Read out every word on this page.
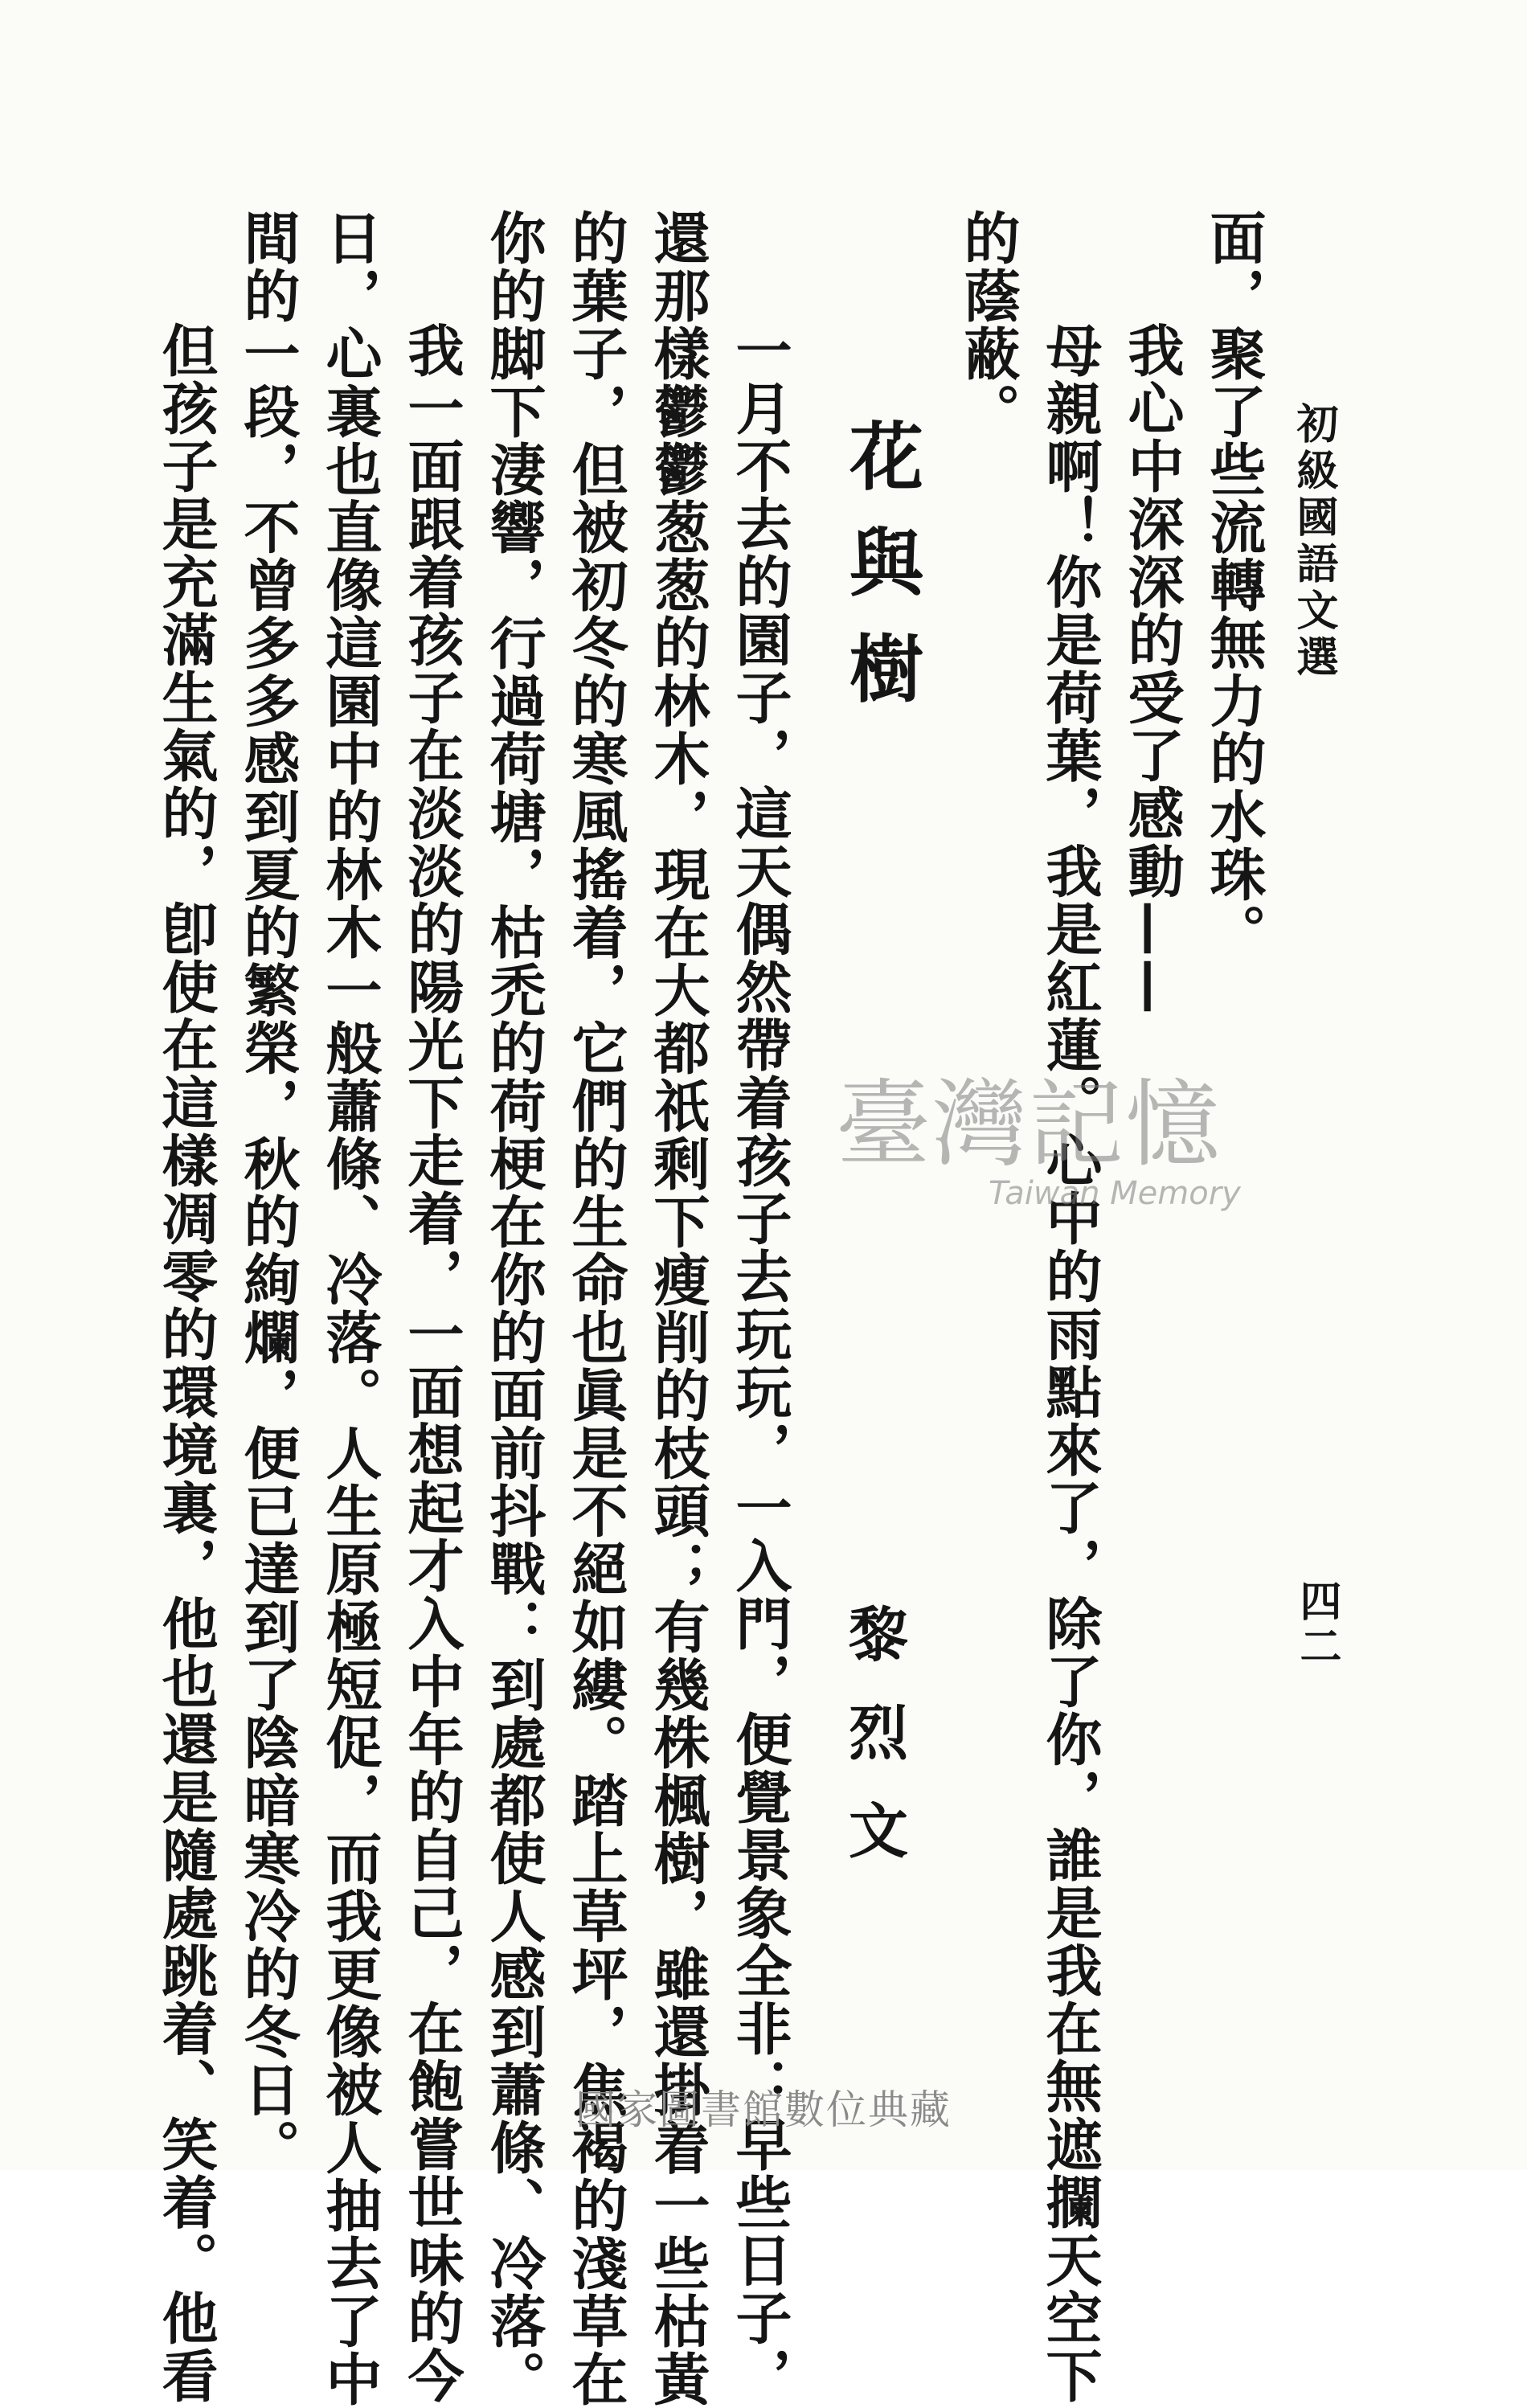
初級國語文選
四二
面，聚了些流轉無力的水珠。
我心中深深的受了感動——
母親啊！你是荷葉，我是紅蓮。心中的雨點來了，除了你，誰是我在無遮攔天空下
的蔭蔽。
花與樹
黎烈文
一月不去的園子，這天偶然帶着孩子去玩玩，一入門，便覺景象全非：早些日子，
還那樣鬱鬱葱葱的林木，現在大都祇剩下瘦削的枝頭；有幾株楓樹，雖還掛着一些枯黃
的葉子，但被初冬的寒風搖着，它們的生命也眞是不絕如縷。踏上草坪，焦褐的淺草在
你的脚下淒響，行過荷塘，枯禿的荷梗在你的面前抖戰：到處都使人感到蕭條、冷落。
我一面跟着孩子在淡淡的陽光下走着，一面想起才入中年的自己，在飽嘗世味的今
日，心裏也直像這園中的林木一般蕭條、冷落。人生原極短促，而我更像被人抽去了中
間的一段，不曾多多感到夏的繁榮，秋的絢爛，便已達到了陰暗寒冷的冬日。
但孩子是充滿生氣的，卽使在這樣凋零的環境裏，他也還是隨處跳着、笑着。他看	臺灣記憶
Taiwan Memory
國家圖書館數位典藏
